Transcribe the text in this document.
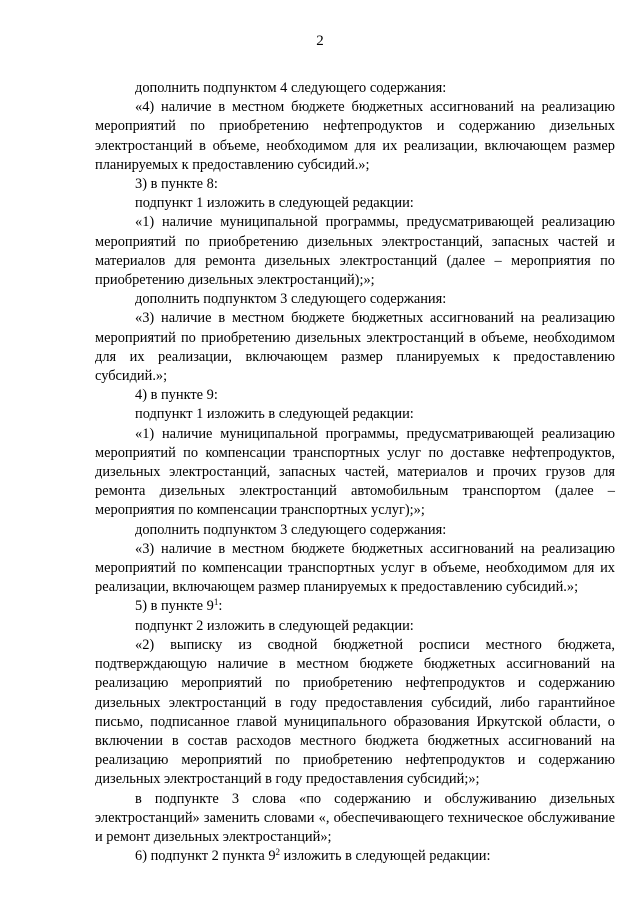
2

дополнить подпунктом 4 следующего содержания:

«4) наличие в местном бюджете бюджетных ассигнований на реализацию мероприятий по приобретению нефтепродуктов и содержанию дизельных электростанций в объеме, необходимом для их реализации, включающем размер планируемых к предоставлению субсидий.»;

3) в пункте 8:

подпункт 1 изложить в следующей редакции:

«1) наличие муниципальной программы, предусматривающей реализацию мероприятий по приобретению дизельных электростанций, запасных частей и материалов для ремонта дизельных электростанций (далее – мероприятия по приобретению дизельных электростанций);»;

дополнить подпунктом 3 следующего содержания:

«3) наличие в местном бюджете бюджетных ассигнований на реализацию мероприятий по приобретению дизельных электростанций в объеме, необходимом для их реализации, включающем размер планируемых к предоставлению субсидий.»;

4) в пункте 9:

подпункт 1 изложить в следующей редакции:

«1) наличие муниципальной программы, предусматривающей реализацию мероприятий по компенсации транспортных услуг по доставке нефтепродуктов, дизельных электростанций, запасных частей, материалов и прочих грузов для ремонта дизельных электростанций автомобильным транспортом (далее – мероприятия по компенсации транспортных услуг);»;

дополнить подпунктом 3 следующего содержания:

«3) наличие в местном бюджете бюджетных ассигнований на реализацию мероприятий по компенсации транспортных услуг в объеме, необходимом для их реализации, включающем размер планируемых к предоставлению субсидий.»;

5) в пункте $9^1$:

подпункт 2 изложить в следующей редакции:

«2) выписку из сводной бюджетной росписи местного бюджета, подтверждающую наличие в местном бюджете бюджетных ассигнований на реализацию мероприятий по приобретению нефтепродуктов и содержанию дизельных электростанций в году предоставления субсидий, либо гарантийное письмо, подписанное главой муниципального образования Иркутской области, о включении в состав расходов местного бюджета бюджетных ассигнований на реализацию мероприятий по приобретению нефтепродуктов и содержанию дизельных электростанций в году предоставления субсидий;»;

в подпункте 3 слова «по содержанию и обслуживанию дизельных электростанций» заменить словами «, обеспечивающего техническое обслуживание и ремонт дизельных электростанций»;

6) подпункт 2 пункта $9^2$ изложить в следующей редакции:
